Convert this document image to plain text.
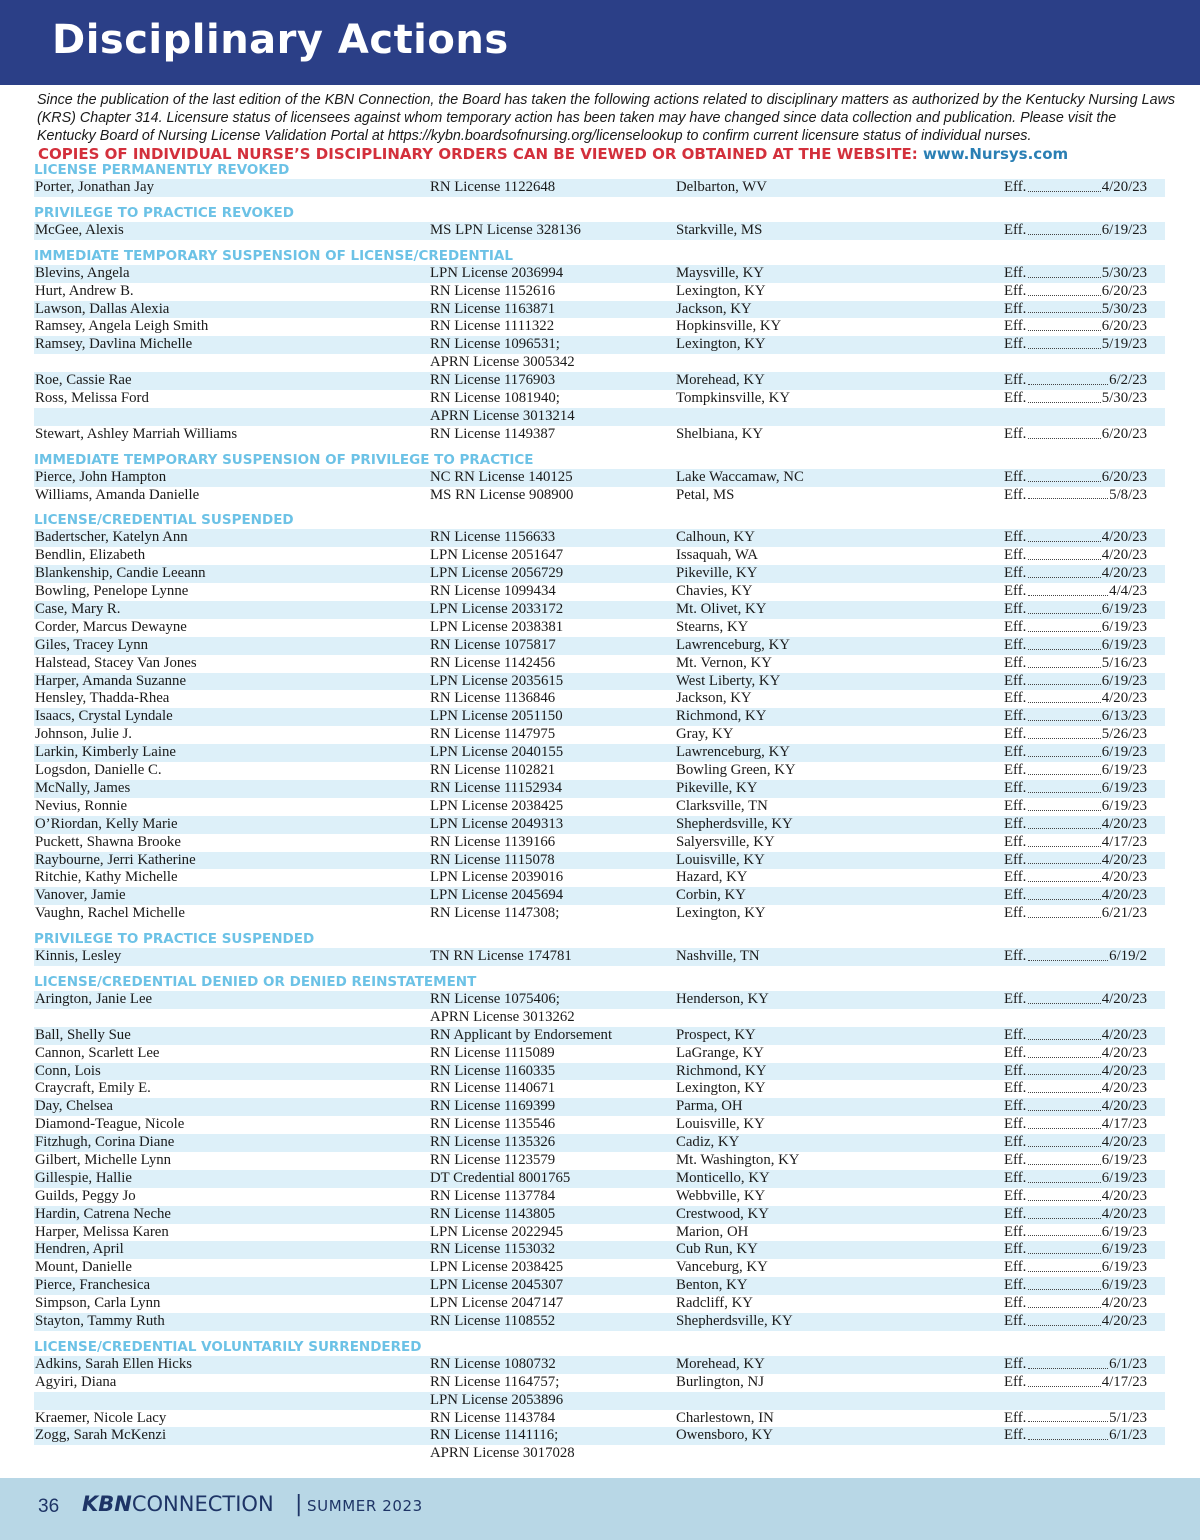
Disciplinary Actions
Since the publication of the last edition of the KBN Connection, the Board has taken the following actions related to disciplinary matters as authorized by the Kentucky Nursing Laws (KRS) Chapter 314. Licensure status of licensees against whom temporary action has been taken may have changed since data collection and publication. Please visit the Kentucky Board of Nursing License Validation Portal at https://kybn.boardsofnursing.org/licenselookup to confirm current licensure status of individual nurses.
COPIES OF INDIVIDUAL NURSE’S DISCIPLINARY ORDERS CAN BE VIEWED OR OBTAINED AT THE WEBSITE: www.Nursys.com
LICENSE PERMANENTLY REVOKED
Porter, Jonathan Jay	RN License 1122648	Delbarton, WV	Eff.	4/20/23
PRIVILEGE TO PRACTICE REVOKED
McGee, Alexis	MS LPN License 328136	Starkville, MS	Eff.	6/19/23
IMMEDIATE TEMPORARY SUSPENSION OF LICENSE/CREDENTIAL
Blevins, Angela	LPN License 2036994	Maysville, KY	Eff.	5/30/23
Hurt, Andrew B.	RN License 1152616	Lexington, KY	Eff.	6/20/23
Lawson, Dallas Alexia	RN License 1163871	Jackson, KY	Eff.	5/30/23
Ramsey, Angela Leigh Smith	RN License 1111322	Hopkinsville, KY	Eff.	6/20/23
Ramsey, Davlina Michelle	RN License 1096531;	Lexington, KY	Eff.	5/19/23
APRN License 3005342
Roe, Cassie Rae	RN License 1176903	Morehead, KY	Eff.	6/2/23
Ross, Melissa Ford	RN License 1081940;	Tompkinsville, KY	Eff.	5/30/23
APRN License 3013214
Stewart, Ashley Marriah Williams	RN License 1149387	Shelbiana, KY	Eff.	6/20/23
IMMEDIATE TEMPORARY SUSPENSION OF PRIVILEGE TO PRACTICE
Pierce, John Hampton	NC RN License 140125	Lake Waccamaw, NC	Eff.	6/20/23
Williams, Amanda Danielle	MS RN License 908900	Petal, MS	Eff.	5/8/23
LICENSE/CREDENTIAL SUSPENDED
Badertscher, Katelyn Ann	RN License 1156633	Calhoun, KY	Eff.	4/20/23
Bendlin, Elizabeth	LPN License 2051647	Issaquah, WA	Eff.	4/20/23
Blankenship, Candie Leeann	LPN License 2056729	Pikeville, KY	Eff.	4/20/23
Bowling, Penelope Lynne	RN License 1099434	Chavies, KY	Eff.	4/4/23
Case, Mary R.	LPN License 2033172	Mt. Olivet, KY	Eff.	6/19/23
Corder, Marcus Dewayne	LPN License 2038381	Stearns, KY	Eff.	6/19/23
Giles, Tracey Lynn	RN License 1075817	Lawrenceburg, KY	Eff.	6/19/23
Halstead, Stacey Van Jones	RN License 1142456	Mt. Vernon, KY	Eff.	5/16/23
Harper, Amanda Suzanne	LPN License 2035615	West Liberty, KY	Eff.	6/19/23
Hensley, Thadda-Rhea	RN License 1136846	Jackson, KY	Eff.	4/20/23
Isaacs, Crystal Lyndale	LPN License 2051150	Richmond, KY	Eff.	6/13/23
Johnson, Julie J.	RN License 1147975	Gray, KY	Eff.	5/26/23
Larkin, Kimberly Laine	LPN License 2040155	Lawrenceburg, KY	Eff.	6/19/23
Logsdon, Danielle C.	RN License 1102821	Bowling Green, KY	Eff.	6/19/23
McNally, James	RN License 11152934	Pikeville, KY	Eff.	6/19/23
Nevius, Ronnie	LPN License 2038425	Clarksville, TN	Eff.	6/19/23
O’Riordan, Kelly Marie	LPN License 2049313	Shepherdsville, KY	Eff.	4/20/23
Puckett, Shawna Brooke	RN License 1139166	Salyersville, KY	Eff.	4/17/23
Raybourne, Jerri Katherine	RN License 1115078	Louisville, KY	Eff.	4/20/23
Ritchie, Kathy Michelle	LPN License 2039016	Hazard, KY	Eff.	4/20/23
Vanover, Jamie	LPN License 2045694	Corbin, KY	Eff.	4/20/23
Vaughn, Rachel Michelle	RN License 1147308;	Lexington, KY	Eff.	6/21/23
PRIVILEGE TO PRACTICE SUSPENDED
Kinnis, Lesley	TN RN License 174781	Nashville, TN	Eff.	6/19/2
LICENSE/CREDENTIAL DENIED OR DENIED REINSTATEMENT
Arington, Janie Lee	RN License 1075406;	Henderson, KY	Eff.	4/20/23
APRN License 3013262
Ball, Shelly Sue	RN Applicant by Endorsement	Prospect, KY	Eff.	4/20/23
Cannon, Scarlett Lee	RN License 1115089	LaGrange, KY	Eff.	4/20/23
Conn, Lois	RN License 1160335	Richmond, KY	Eff.	4/20/23
Craycraft, Emily E.	RN License 1140671	Lexington, KY	Eff.	4/20/23
Day, Chelsea	RN License 1169399	Parma, OH	Eff.	4/20/23
Diamond-Teague, Nicole	RN License 1135546	Louisville, KY	Eff.	4/17/23
Fitzhugh, Corina Diane	RN License 1135326	Cadiz, KY	Eff.	4/20/23
Gilbert, Michelle Lynn	RN License 1123579	Mt. Washington, KY	Eff.	6/19/23
Gillespie, Hallie	DT Credential 8001765	Monticello, KY	Eff.	6/19/23
Guilds, Peggy Jo	RN License 1137784	Webbville, KY	Eff.	4/20/23
Hardin, Catrena Neche	RN License 1143805	Crestwood, KY	Eff.	4/20/23
Harper, Melissa Karen	LPN License 2022945	Marion, OH	Eff.	6/19/23
Hendren, April	RN License 1153032	Cub Run, KY	Eff.	6/19/23
Mount, Danielle	LPN License 2038425	Vanceburg, KY	Eff.	6/19/23
Pierce, Franchesica	LPN License 2045307	Benton, KY	Eff.	6/19/23
Simpson, Carla Lynn	LPN License 2047147	Radcliff, KY	Eff.	4/20/23
Stayton, Tammy Ruth	RN License 1108552	Shepherdsville, KY	Eff.	4/20/23
LICENSE/CREDENTIAL VOLUNTARILY SURRENDERED
Adkins, Sarah Ellen Hicks	RN License 1080732	Morehead, KY	Eff.	6/1/23
Agyiri, Diana	RN License 1164757;	Burlington, NJ	Eff.	4/17/23
LPN License 2053896
Kraemer, Nicole Lacy	RN License 1143784	Charlestown, IN	Eff.	5/1/23
Zogg, Sarah McKenzi	RN License 1141116;	Owensboro, KY	Eff.	6/1/23
APRN License 3017028
36 KBNCONNECTION | SUMMER 2023
